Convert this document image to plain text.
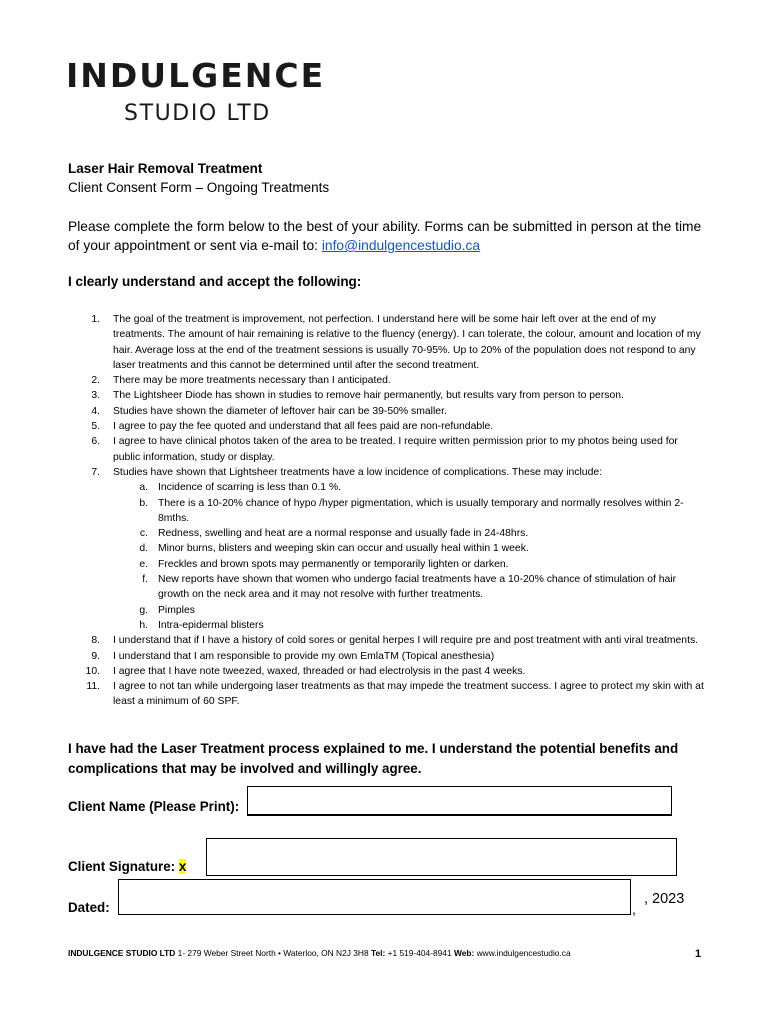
INDULGENCE
STUDIO LTD
Laser Hair Removal Treatment
Client Consent Form – Ongoing Treatments
Please complete the form below to the best of your ability. Forms can be submitted in person at the time of your appointment or sent via e-mail to: info@indulgencestudio.ca
I clearly understand and accept the following:
1. The goal of the treatment is improvement, not perfection. I understand here will be some hair left over at the end of my treatments. The amount of hair remaining is relative to the fluency (energy). I can tolerate, the colour, amount and location of my hair. Average loss at the end of the treatment sessions is usually 70-95%. Up to 20% of the population does not respond to any laser treatments and this cannot be determined until after the second treatment.
2. There may be more treatments necessary than I anticipated.
3. The Lightsheer Diode has shown in studies to remove hair permanently, but results vary from person to person.
4. Studies have shown the diameter of leftover hair can be 39-50% smaller.
5. I agree to pay the fee quoted and understand that all fees paid are non-refundable.
6. I agree to have clinical photos taken of the area to be treated. I require written permission prior to my photos being used for public information, study or display.
7. Studies have shown that Lightsheer treatments have a low incidence of complications. These may include:
a. Incidence of scarring is less than 0.1 %.
b. There is a 10-20% chance of hypo /hyper pigmentation, which is usually temporary and normally resolves within 2-8mths.
c. Redness, swelling and heat are a normal response and usually fade in 24-48hrs.
d. Minor burns, blisters and weeping skin can occur and usually heal within 1 week.
e. Freckles and brown spots may permanently or temporarily lighten or darken.
f. New reports have shown that women who undergo facial treatments have a 10-20% chance of stimulation of hair growth on the neck area and it may not resolve with further treatments.
g. Pimples
h. Intra-epidermal blisters
8. I understand that if I have a history of cold sores or genital herpes I will require pre and post treatment with anti viral treatments.
9. I understand that I am responsible to provide my own EmlaTM (Topical anesthesia)
10. I agree that I have note tweezed, waxed, threaded or had electrolysis in the past 4 weeks.
11. I agree to not tan while undergoing laser treatments as that may impede the treatment success. I agree to protect my skin with at least a minimum of 60 SPF.
I have had the Laser Treatment process explained to me. I understand the potential benefits and complications that may be involved and willingly agree.
Client Name (Please Print):
Client Signature: x
Dated:	,
, 2023
INDULGENCE STUDIO LTD 1- 279 Weber Street North • Waterloo, ON N2J 3H8 Tel: +1 519-404-8941 Web: www.indulgencestudio.ca	1
